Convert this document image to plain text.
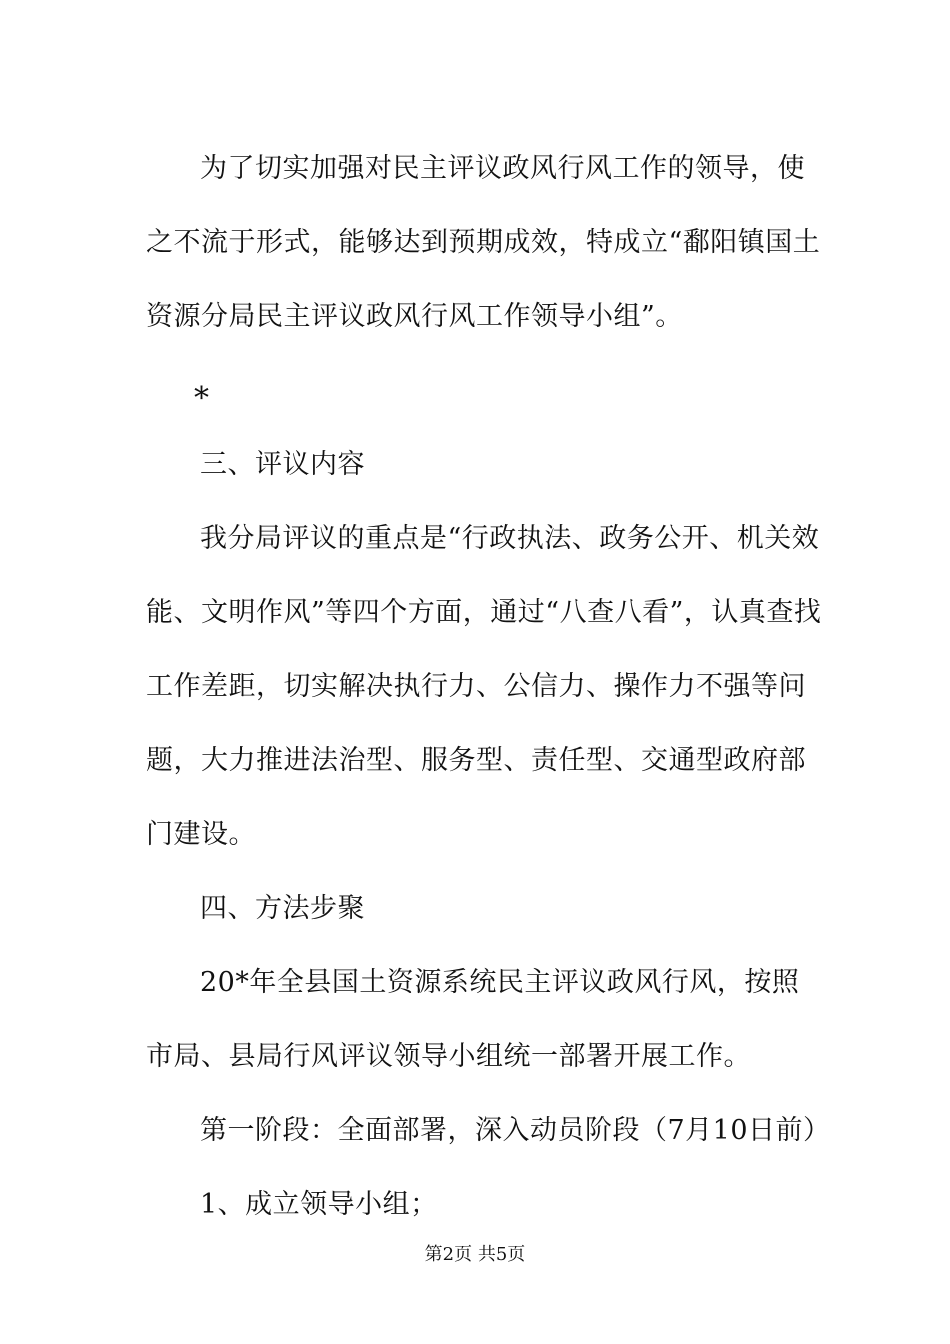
为了切实加强对民主评议政风行风工作的领导，使之不流于形式，能够达到预期成效，特成立“鄱阳镇国土资源分局民主评议政风行风工作领导小组”。

*

三、评议内容

我分局评议的重点是“行政执法、政务公开、机关效能、文明作风”等四个方面，通过“八查八看”，认真查找工作差距，切实解决执行力、公信力、操作力不强等问题，大力推进法治型、服务型、责任型、交通型政府部门建设。

四、方法步聚

20*年全县国土资源系统民主评议政风行风，按照市局、县局行风评议领导小组统一部署开展工作。

第一阶段：全面部署，深入动员阶段（7月10日前）

1、成立领导小组；

第2页 共5页
